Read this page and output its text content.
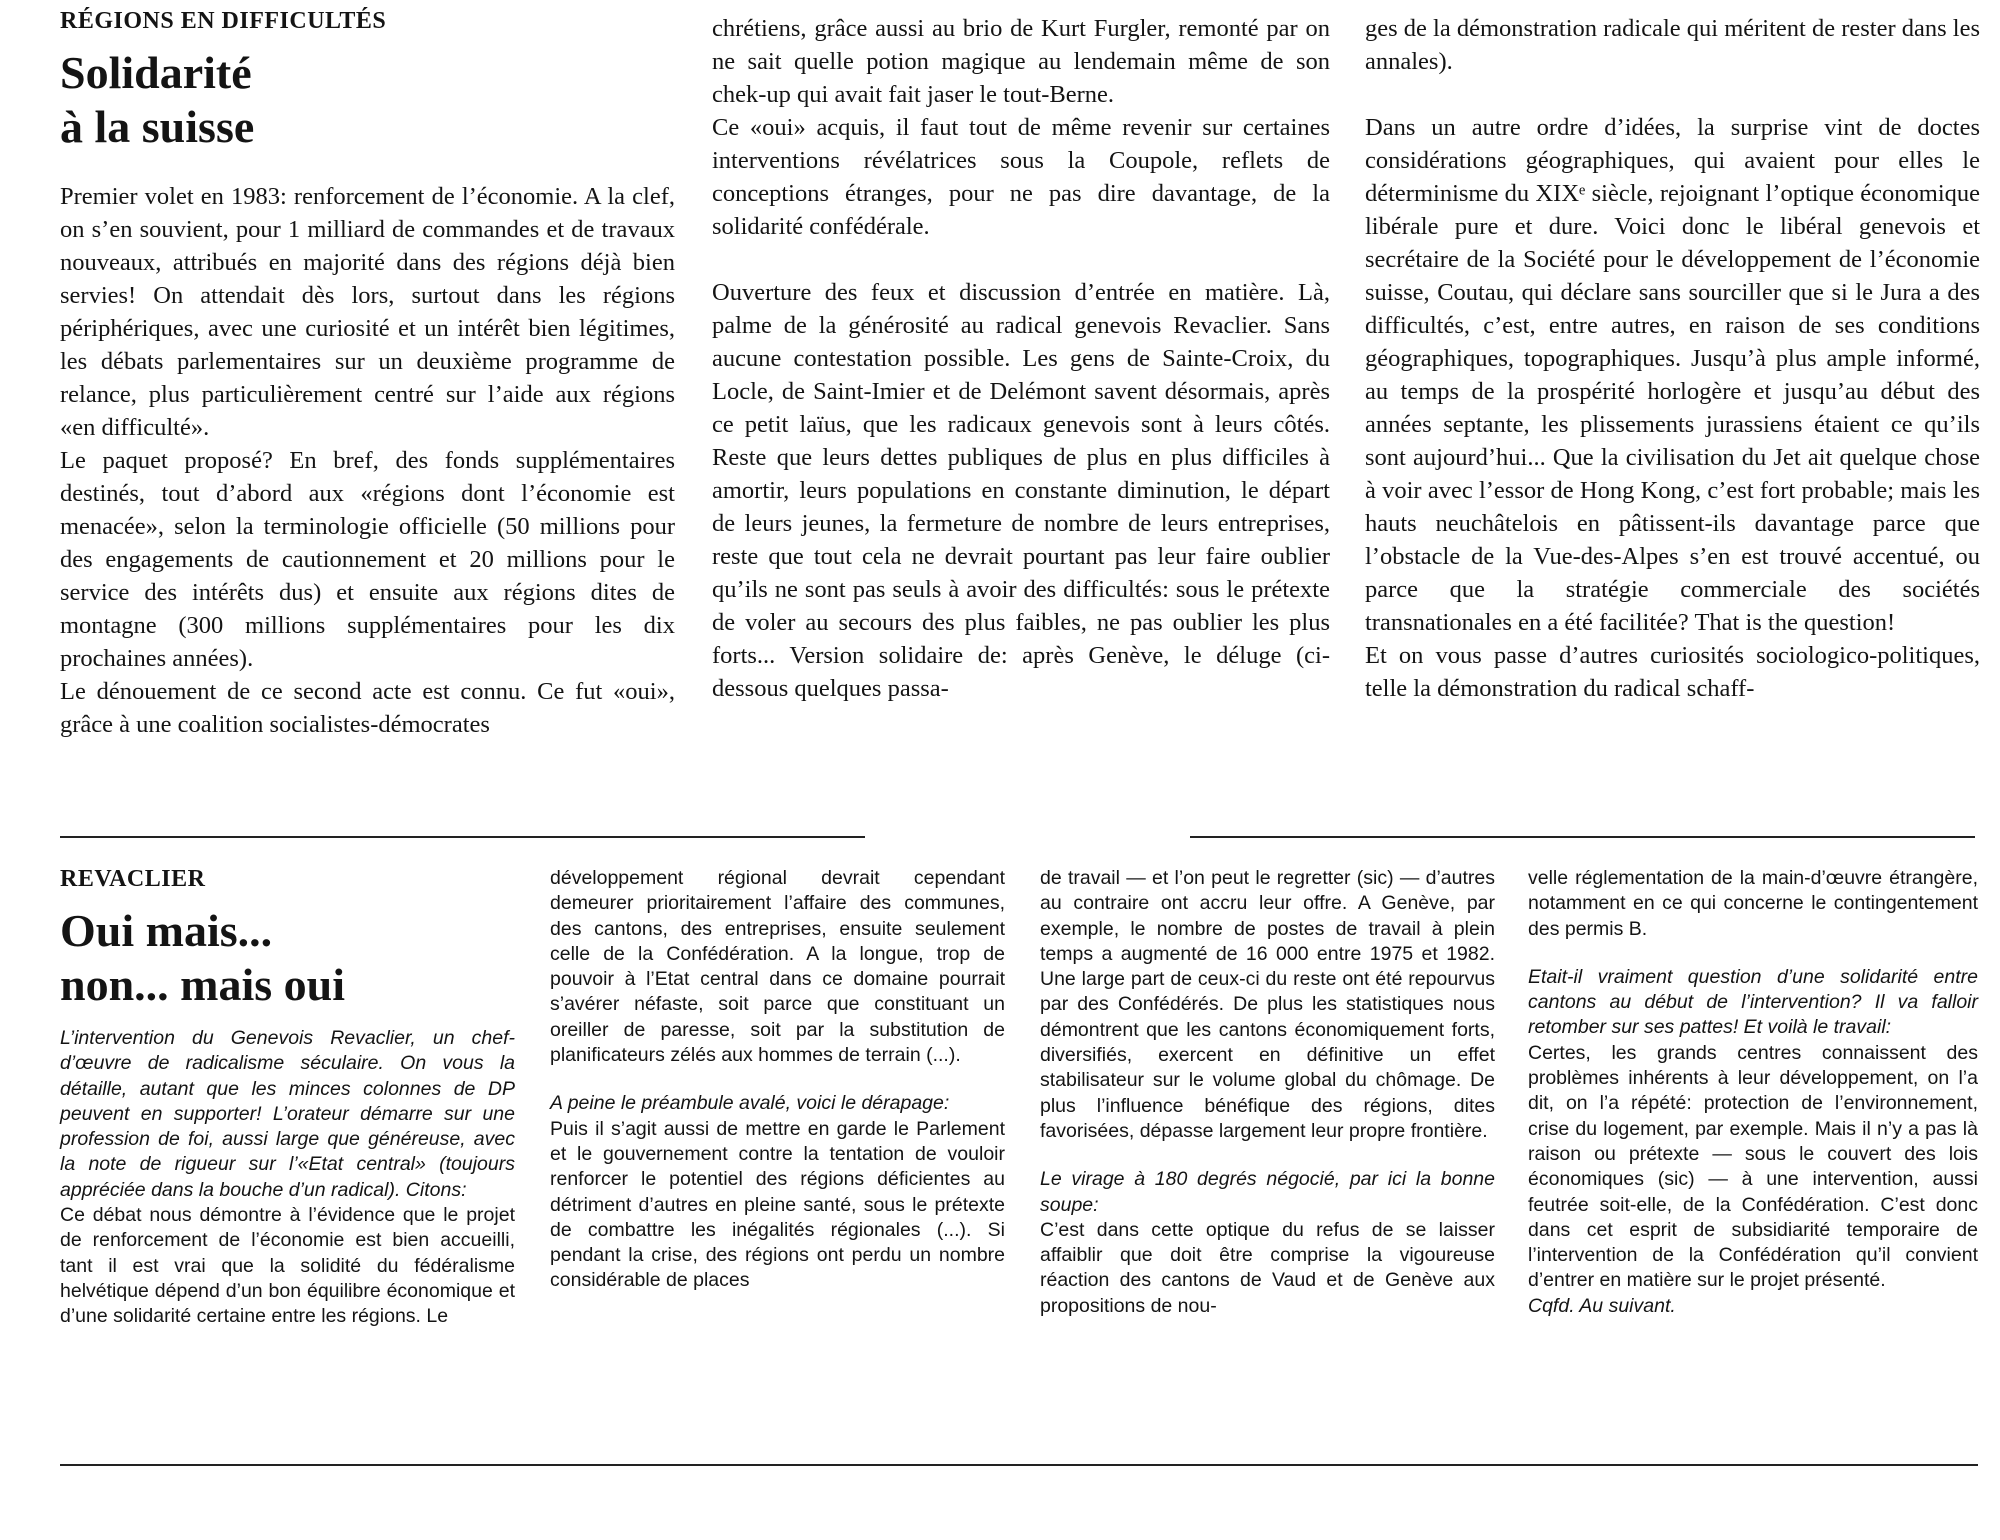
RÉGIONS EN DIFFICULTÉS

Solidarité

à la suisse

Premier volet en 1983: renforcement de l’économie. A la clef, on s’en souvient, pour 1 milliard de commandes et de travaux nouveaux, attribués en majorité dans des régions déjà bien servies! On attendait dès lors, surtout dans les régions périphériques, avec une curiosité et un intérêt bien légitimes, les débats parlementaires sur un deuxième programme de relance, plus particulièrement centré sur l’aide aux régions «en difficulté».

Le paquet proposé? En bref, des fonds supplémentaires destinés, tout d’abord aux «régions dont l’économie est menacée», selon la terminologie officielle (50 millions pour des engagements de cautionnement et 20 millions pour le service des intérêts dus) et ensuite aux régions dites de montagne (300 millions supplémentaires pour les dix prochaines années).

Le dénouement de ce second acte est connu. Ce fut «oui», grâce à une coalition socialistes-démocrates

chrétiens, grâce aussi au brio de Kurt Furgler, remonté par on ne sait quelle potion magique au lendemain même de son chek-up qui avait fait jaser le tout-Berne.

Ce «oui» acquis, il faut tout de même revenir sur certaines interventions révélatrices sous la Coupole, reflets de conceptions étranges, pour ne pas dire davantage, de la solidarité confédérale.

Ouverture des feux et discussion d’entrée en matière. Là, palme de la générosité au radical genevois Revaclier. Sans aucune contestation possible. Les gens de Sainte-Croix, du Locle, de Saint-Imier et de Delémont savent désormais, après ce petit laïus, que les radicaux genevois sont à leurs côtés. Reste que leurs dettes publiques de plus en plus difficiles à amortir, leurs populations en constante diminution, le départ de leurs jeunes, la fermeture de nombre de leurs entreprises, reste que tout cela ne devrait pourtant pas leur faire oublier qu’ils ne sont pas seuls à avoir des difficultés: sous le prétexte de voler au secours des plus faibles, ne pas oublier les plus forts... Version solidaire de: après Genève, le déluge (ci-dessous quelques passa-

ges de la démonstration radicale qui méritent de rester dans les annales).

Dans un autre ordre d’idées, la surprise vint de doctes considérations géographiques, qui avaient pour elles le déterminisme du XIXᵉ siècle, rejoignant l’optique économique libérale pure et dure. Voici donc le libéral genevois et secrétaire de la Société pour le développement de l’économie suisse, Coutau, qui déclare sans sourciller que si le Jura a des difficultés, c’est, entre autres, en raison de ses conditions géographiques, topographiques. Jusqu’à plus ample informé, au temps de la prospérité horlogère et jusqu’au début des années septante, les plissements jurassiens étaient ce qu’ils sont aujourd’hui... Que la civilisation du Jet ait quelque chose à voir avec l’essor de Hong Kong, c’est fort probable; mais les hauts neuchâtelois en pâtissent-ils davantage parce que l’obstacle de la Vue-des-Alpes s’en est trouvé accentué, ou parce que la stratégie commerciale des sociétés transnationales en a été facilitée? That is the question!

Et on vous passe d’autres curiosités sociologico-politiques, telle la démonstration du radical schaff-

REVACLIER

Oui mais...

non... mais oui

L’intervention du Genevois Revaclier, un chef-d’œuvre de radicalisme séculaire. On vous la détaille, autant que les minces colonnes de DP peuvent en supporter! L’orateur démarre sur une profession de foi, aussi large que généreuse, avec la note de rigueur sur l’«Etat central» (toujours appréciée dans la bouche d’un radical). Citons:

Ce débat nous démontre à l’évidence que le projet de renforcement de l’économie est bien accueilli, tant il est vrai que la solidité du fédéralisme helvétique dépend d’un bon équilibre économique et d’une solidarité certaine entre les régions. Le

développement régional devrait cependant demeurer prioritairement l’affaire des communes, des cantons, des entreprises, ensuite seulement celle de la Confédération. A la longue, trop de pouvoir à l’Etat central dans ce domaine pourrait s’avérer néfaste, soit parce que constituant un oreiller de paresse, soit par la substitution de planificateurs zélés aux hommes de terrain (...).

A peine le préambule avalé, voici le dérapage:

Puis il s’agit aussi de mettre en garde le Parlement et le gouvernement contre la tentation de vouloir renforcer le potentiel des régions déficientes au détriment d’autres en pleine santé, sous le prétexte de combattre les inégalités régionales (...). Si pendant la crise, des régions ont perdu un nombre considérable de places

de travail — et l’on peut le regretter (sic) — d’autres au contraire ont accru leur offre. A Genève, par exemple, le nombre de postes de travail à plein temps a augmenté de 16 000 entre 1975 et 1982. Une large part de ceux-ci du reste ont été repourvus par des Confédérés. De plus les statistiques nous démontrent que les cantons économiquement forts, diversifiés, exercent en définitive un effet stabilisateur sur le volume global du chômage. De plus l’influence bénéfique des régions, dites favorisées, dépasse largement leur propre frontière.

Le virage à 180 degrés négocié, par ici la bonne soupe:

C’est dans cette optique du refus de se laisser affaiblir que doit être comprise la vigoureuse réaction des cantons de Vaud et de Genève aux propositions de nou-

velle réglementation de la main-d’œuvre étrangère, notamment en ce qui concerne le contingentement des permis B.

Etait-il vraiment question d’une solidarité entre cantons au début de l’intervention? Il va falloir retomber sur ses pattes! Et voilà le travail:

Certes, les grands centres connaissent des problèmes inhérents à leur développement, on l’a dit, on l’a répété: protection de l’environnement, crise du logement, par exemple. Mais il n’y a pas là raison ou prétexte — sous le couvert des lois économiques (sic) — à une intervention, aussi feutrée soit-elle, de la Confédération. C’est donc dans cet esprit de subsidiarité temporaire de l’intervention de la Confédération qu’il convient d’entrer en matière sur le projet présenté.

Cqfd. Au suivant.
